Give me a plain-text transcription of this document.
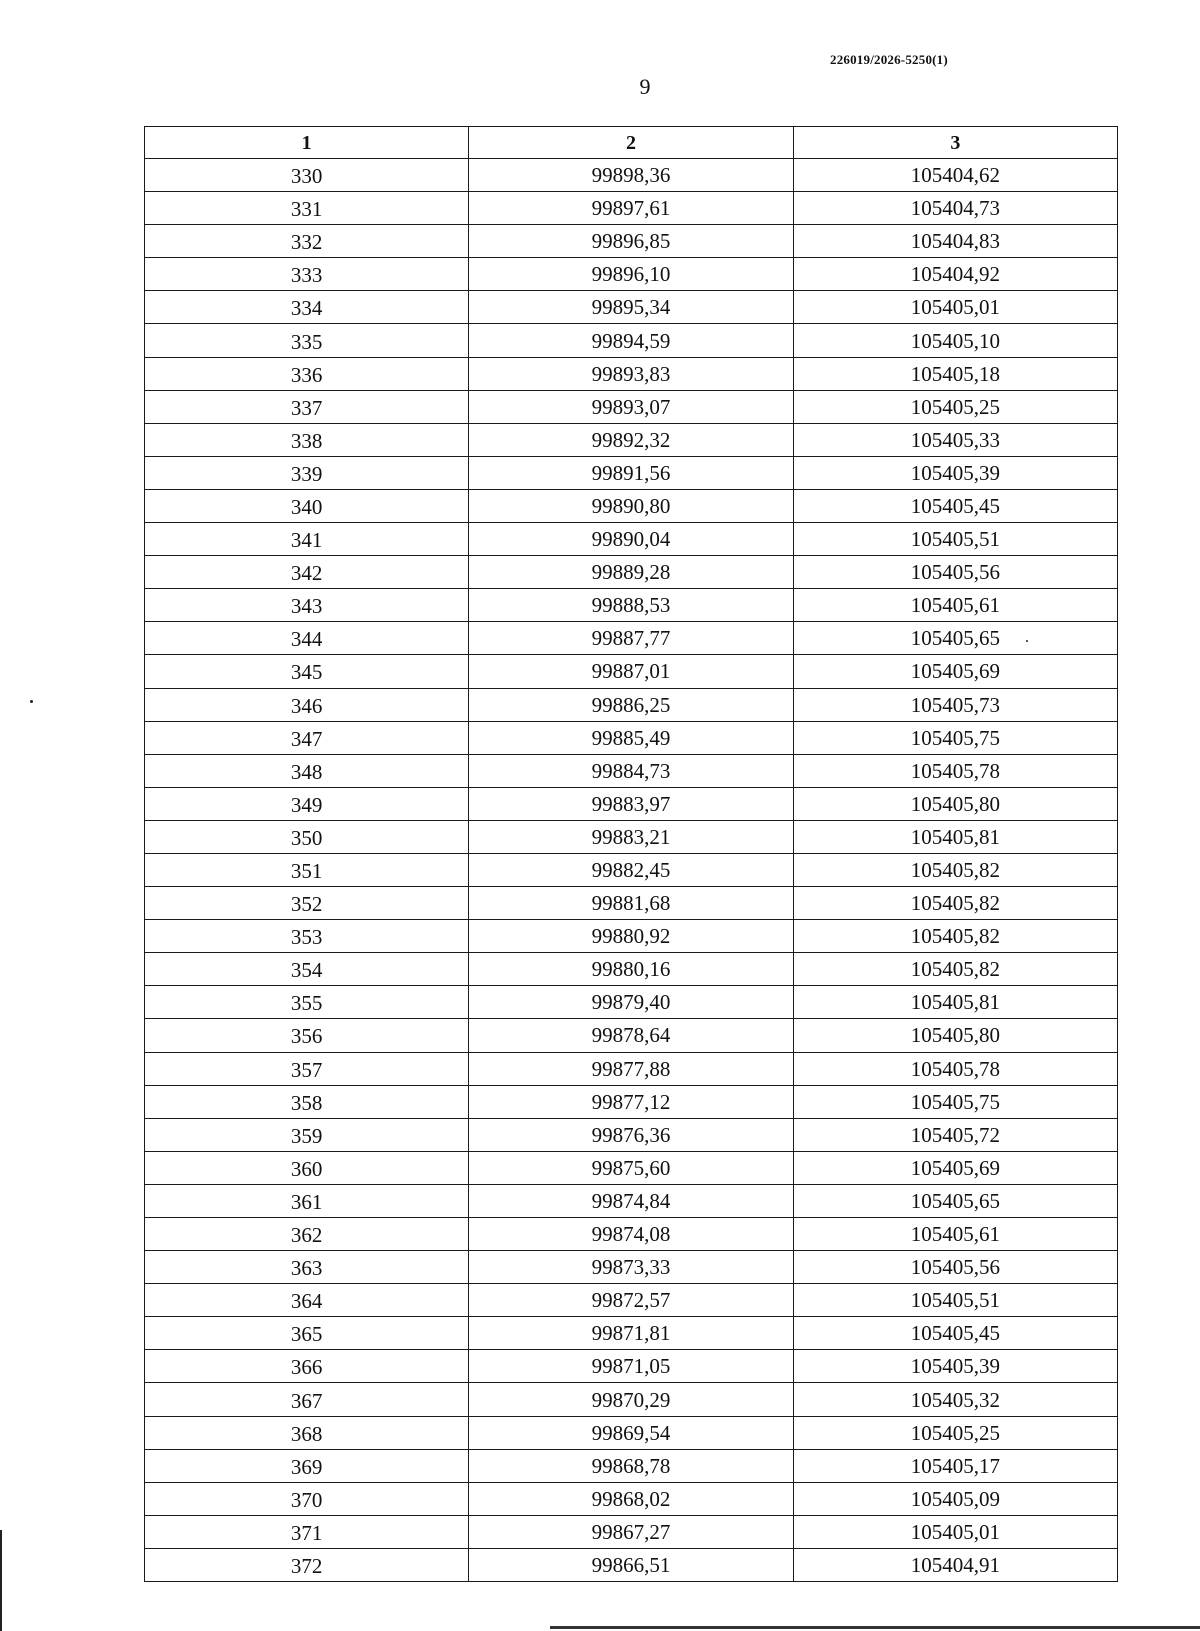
226019/2026-5250(1)
9
1	2	3
330	99898,36	105404,62
331	99897,61	105404,73
332	99896,85	105404,83
333	99896,10	105404,92
334	99895,34	105405,01
335	99894,59	105405,10
336	99893,83	105405,18
337	99893,07	105405,25
338	99892,32	105405,33
339	99891,56	105405,39
340	99890,80	105405,45
341	99890,04	105405,51
342	99889,28	105405,56
343	99888,53	105405,61
344	99887,77	105405,65
345	99887,01	105405,69
346	99886,25	105405,73
347	99885,49	105405,75
348	99884,73	105405,78
349	99883,97	105405,80
350	99883,21	105405,81
351	99882,45	105405,82
352	99881,68	105405,82
353	99880,92	105405,82
354	99880,16	105405,82
355	99879,40	105405,81
356	99878,64	105405,80
357	99877,88	105405,78
358	99877,12	105405,75
359	99876,36	105405,72
360	99875,60	105405,69
361	99874,84	105405,65
362	99874,08	105405,61
363	99873,33	105405,56
364	99872,57	105405,51
365	99871,81	105405,45
366	99871,05	105405,39
367	99870,29	105405,32
368	99869,54	105405,25
369	99868,78	105405,17
370	99868,02	105405,09
371	99867,27	105405,01
372	99866,51	105404,91
